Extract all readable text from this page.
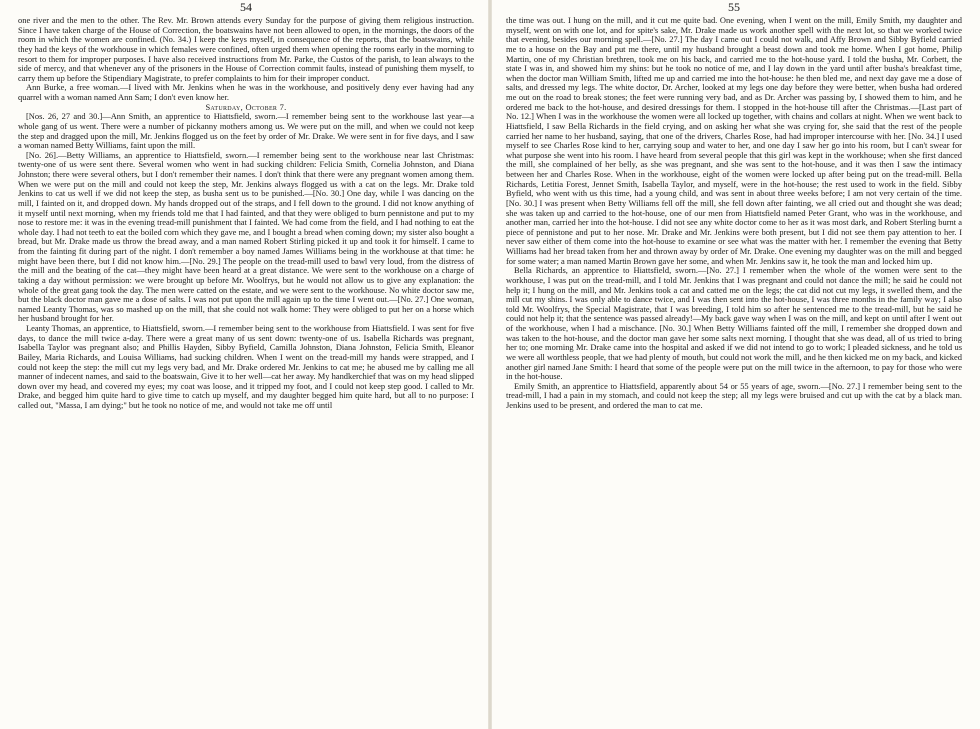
54

one river and the men to the other. The Rev. Mr. Brown attends every Sunday for the purpose of giving them religious instruction. Since I have taken charge of the House of Correction, the boatswains have not been allowed to open, in the mornings, the doors of the room in which the women are confined. (No. 34.) I keep the keys myself, in consequence of the reports, that the boatswains, while they had the keys of the workhouse in which females were confined, often urged them when opening the rooms early in the morning to resort to them for improper purposes. I have also received instructions from Mr. Parke, the Custos of the parish, to lean always to the side of mercy, and that whenever any of the prisoners in the House of Correction commit faults, instead of punishing them myself, to carry them up before the Stipendiary Magistrate, to prefer complaints to him for their improper conduct.

Ann Burke, a free woman.—I lived with Mr. Jenkins when he was in the workhouse, and positively deny ever having had any quarrel with a woman named Ann Sam; I don't even know her.

Saturday, October 7.

[Nos. 26, 27 and 30.]—Ann Smith, an apprentice to Hiattsfield, sworn.—I remember being sent to the workhouse last year—a whole gang of us went. There were a number of pickanny mothers among us. We were put on the mill, and when we could not keep the step and dragged upon the mill, Mr. Jenkins flogged us on the feet by order of Mr. Drake. We were sent in for five days, and I saw a woman named Betty Williams, faint upon the mill.

[No. 26].—Betty Williams, an apprentice to Hiattsfield, sworn.—I remember being sent to the workhouse near last Christmas: twenty-one of us were sent there. Several women who went in had sucking children: Felicia Smith, Cornelia Johnston, and Diana Johnston; there were several others, but I don't remember their names. I don't think that there were any pregnant women among them. When we were put on the mill and could not keep the step, Mr. Jenkins always flogged us with a cat on the legs. Mr. Drake told Jenkins to cat us well if we did not keep the step, as busha sent us to be punished.—[No. 30.] One day, while I was dancing on the mill, I fainted on it, and dropped down. My hands dropped out of the straps, and I fell down to the ground. I did not know anything of it myself until next morning, when my friends told me that I had fainted, and that they were obliged to burn pennistone and put to my nose to restore me: it was in the evening tread-mill punishment that I fainted. We had come from the field, and I had nothing to eat the whole day. I had not teeth to eat the boiled corn which they gave me, and I bought a bread when coming down; my sister also bought a bread, but Mr. Drake made us throw the bread away, and a man named Robert Stirling picked it up and took it for himself. I came to from the fainting fit during part of the night. I don't remember a boy named James Williams being in the workhouse at that time: he might have been there, but I did not know him.—[No. 29.] The people on the tread-mill used to bawl very loud, from the distress of the mill and the beating of the cat—they might have been heard at a great distance. We were sent to the workhouse on a charge of taking a day without permission: we were brought up before Mr. Woolfrys, but he would not allow us to give any explanation: the whole of the great gang took the day. The men were catted on the estate, and we were sent to the workhouse. No white doctor saw me, but the black doctor man gave me a dose of salts. I was not put upon the mill again up to the time I went out.—[No. 27.] One woman, named Leanty Thomas, was so mashed up on the mill, that she could not walk home: They were obliged to put her on a horse which her husband brought for her.

Leanty Thomas, an apprentice, to Hiattsfield, sworn.—I remember being sent to the workhouse from Hiattsfield. I was sent for five days, to dance the mill twice a-day. There were a great many of us sent down: twenty-one of us. Isabella Richards was pregnant, Isabella Taylor was pregnant also; and Phillis Hayden, Sibby Byfield, Camilla Johnston, Diana Johnston, Felicia Smith, Eleanor Bailey, Maria Richards, and Louisa Williams, had sucking children. When I went on the tread-mill my hands were strapped, and I could not keep the step: the mill cut my legs very bad, and Mr. Drake ordered Mr. Jenkins to cat me; he abused me by calling me all manner of indecent names, and said to the boatswain, Give it to her well—cat her away. My handkerchief that was on my head slipped down over my head, and covered my eyes; my coat was loose, and it tripped my foot, and I could not keep step good. I called to Mr. Drake, and begged him quite hard to give time to catch up myself, and my daughter begged him quite hard, but all to no purpose: I called out, "Massa, I am dying;" but he took no notice of me, and would not take me off until

55

the time was out. I hung on the mill, and it cut me quite bad. One evening, when I went on the mill, Emily Smith, my daughter and myself, went on with one lot, and for spite's sake, Mr. Drake made us work another spell with the next lot, so that we worked twice that evening, besides our morning spell.—[No. 27.] The day I came out I could not walk, and Affy Brown and Sibby Byfield carried me to a house on the Bay and put me there, until my husband brought a beast down and took me home. When I got home, Philip Martin, one of my Christian brethren, took me on his back, and carried me to the hot-house yard. I told the busha, Mr. Corbett, the state I was in, and showed him my shins: but he took no notice of me, and I lay down in the yard until after busha's breakfast time, when the doctor man William Smith, lifted me up and carried me into the hot-house: he then bled me, and next day gave me a dose of salts, and dressed my legs. The white doctor, Dr. Archer, looked at my legs one day before they were better, when busha had ordered me out on the road to break stones; the feet were running very bad, and as Dr. Archer was passing by, I showed them to him, and he ordered me back to the hot-house, and desired dressings for them. I stopped in the hot-house till after the Christmas.—[Last part of No. 12.] When I was in the workhouse the women were all locked up together, with chains and collars at night. When we went back to Hiattsfield, I saw Bella Richards in the field crying, and on asking her what she was crying for, she said that the rest of the people carried her name to her husband, saying, that one of the drivers, Charles Rose, had had improper intercourse with her. [No. 34.] I used myself to see Charles Rose kind to her, carrying soup and water to her, and one day I saw her go into his room, but I can't swear for what purpose she went into his room. I have heard from several people that this girl was kept in the workhouse; when she first danced the mill, she complained of her belly, as she was pregnant, and she was sent to the hot-house, and it was then I saw the intimacy between her and Charles Rose. When in the workhouse, eight of the women were locked up after being put on the tread-mill. Bella Richards, Letitia Forest, Jennet Smith, Isabella Taylor, and myself, were in the hot-house; the rest used to work in the field. Sibby Byfield, who went with us this time, had a young child, and was sent in about three weeks before; I am not very certain of the time. [No. 30.] I was present when Betty Williams fell off the mill, she fell down after fainting, we all cried out and thought she was dead; she was taken up and carried to the hot-house, one of our men from Hiattsfield named Peter Grant, who was in the workhouse, and another man, carried her into the hot-house. I did not see any white doctor come to her as it was most dark, and Robert Sterling burnt a piece of pennistone and put to her nose. Mr. Drake and Mr. Jenkins were both present, but I did not see them pay attention to her. I never saw either of them come into the hot-house to examine or see what was the matter with her. I remember the evening that Betty Williams had her bread taken from her and thrown away by order of Mr. Drake. One evening my daughter was on the mill and begged for some water; a man named Martin Brown gave her some, and when Mr. Jenkins saw it, he took the man and locked him up.

Bella Richards, an apprentice to Hiattsfield, sworn.—[No. 27.] I remember when the whole of the women were sent to the workhouse, I was put on the tread-mill, and I told Mr. Jenkins that I was pregnant and could not dance the mill; he said he could not help it; I hung on the mill, and Mr. Jenkins took a cat and catted me on the legs; the cat did not cut my legs, it swelled them, and the mill cut my shins. I was only able to dance twice, and I was then sent into the hot-house, I was three months in the family way; I also told Mr. Woolfrys, the Special Magistrate, that I was breeding, I told him so after he sentenced me to the tread-mill, but he said he could not help it; that the sentence was passed already!—My back gave way when I was on the mill, and kept on until after I went out of the workhouse, when I had a mischance. [No. 30.] When Betty Williams fainted off the mill, I remember she dropped down and was taken to the hot-house, and the doctor man gave her some salts next morning. I thought that she was dead, all of us tried to bring her to; one morning Mr. Drake came into the hospital and asked if we did not intend to go to work; I pleaded sickness, and he told us we were all worthless people, that we had plenty of mouth, but could not work the mill, and he then kicked me on my back, and kicked another girl named Jane Smith: I heard that some of the people were put on the mill twice in the afternoon, to pay for those who were in the hot-house.

Emily Smith, an apprentice to Hiattsfield, apparently about 54 or 55 years of age, sworn.—[No. 27.] I remember being sent to the tread-mill, I had a pain in my stomach, and could not keep the step; all my legs were bruised and cut up with the cat by a black man. Jenkins used to be present, and ordered the man to cat me.
